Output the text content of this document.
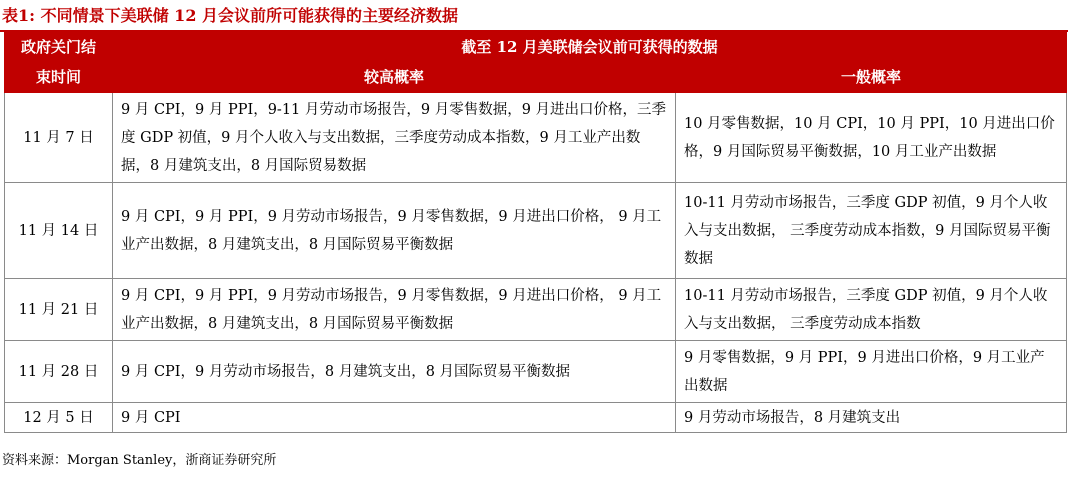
表1: 不同情景下美联储 12 月会议前所可能获得的主要经济数据
政府关门结	截至 12 月美联储会议前可获得的数据	
束时间	较高概率	一般概率
11 月 7 日	9 月 CPI，9 月 PPI，9-11 月劳动市场报告，9 月零售数据，9 月进出口价格，三季度 GDP 初值，9 月个人收入与支出数据，三季度劳动成本指数，9 月工业产出数据，8 月建筑支出，8 月国际贸易数据	10 月零售数据，10 月 CPI，10 月 PPI，10 月进出口价格，9 月国际贸易平衡数据，10 月工业产出数据
11 月 14 日	9 月 CPI，9 月 PPI，9 月劳动市场报告，9 月零售数据，9 月进出口价格， 9 月工业产出数据，8 月建筑支出，8 月国际贸易平衡数据	10-11 月劳动市场报告，三季度 GDP 初值，9 月个人收入与支出数据， 三季度劳动成本指数，9 月国际贸易平衡数据
11 月 21 日	9 月 CPI，9 月 PPI，9 月劳动市场报告，9 月零售数据，9 月进出口价格， 9 月工业产出数据，8 月建筑支出，8 月国际贸易平衡数据	10-11 月劳动市场报告，三季度 GDP 初值，9 月个人收入与支出数据， 三季度劳动成本指数
11 月 28 日	9 月 CPI，9 月劳动市场报告，8 月建筑支出，8 月国际贸易平衡数据	9 月零售数据，9 月 PPI，9 月进出口价格，9 月工业产出数据
12 月 5 日	9 月 CPI	9 月劳动市场报告，8 月建筑支出
资料来源：Morgan Stanley，浙商证券研究所
